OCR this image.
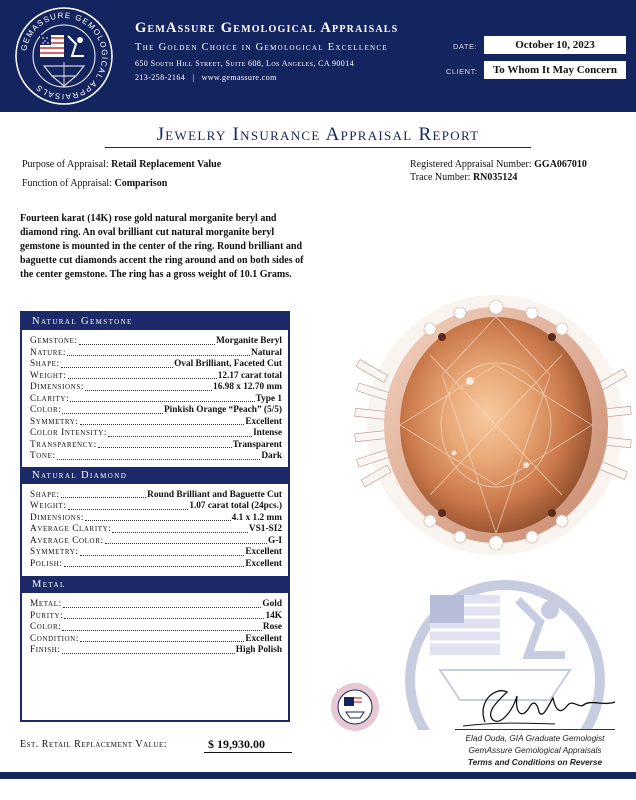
GEMASSURE GEMOLOGICAL APPRAISALS
GemAssure Gemological Appraisals
The Golden Choice in Gemological Excellence
650 South Hill Street, Suite 608, Los Angeles, CA 90014
213-258-2164   |   www.gemassure.com
DATE:	October 10, 2023
CLIENT:	To Whom It May Concern
Jewelry Insurance Appraisal Report
Purpose of Appraisal: Retail Replacement Value
Function of Appraisal: Comparison
Registered Appraisal Number: GGA067010
Trace Number: RN035124
Fourteen karat (14K) rose gold natural morganite beryl and diamond ring. An oval brilliant cut natural morganite beryl gemstone is mounted in the center of the ring. Round brilliant and baguette cut diamonds accent the ring around and on both sides of the center gemstone. The ring has a gross weight of 10.1 Grams.
Natural Gemstone
Gemstone:	Morganite Beryl
Nature:	Natural
Shape:	Oval Brilliant, Faceted Cut
Weight:	12.17 carat total
Dimensions:	16.98 x 12.70 mm
Clarity:	Type 1
Color:	Pinkish Orange “Peach” (5/5)
Symmetry:	Excellent
Color Intensity:	Intense
Transparency:	Transparent
Tone:	Dark
Natural Diamond
Shape:	Round Brilliant and Baguette Cut
Weight:	1.07 carat total (24pcs.)
Dimensions:	4.1 x 1.2 mm
Average Clarity:	VS1-SI2
Average Color:	G-I
Symmetry:	Excellent
Polish:	Excellent
Metal
Metal:	Gold
Purity:	14K
Color:	Rose
Condition:	Excellent
Finish:	High Polish
Est. Retail Replacement Value:	$ 19,930.00	Elad Ouda, GIA Graduate Gemologist
GemAssure Gemological Appraisals
Terms and Conditions on Reverse
